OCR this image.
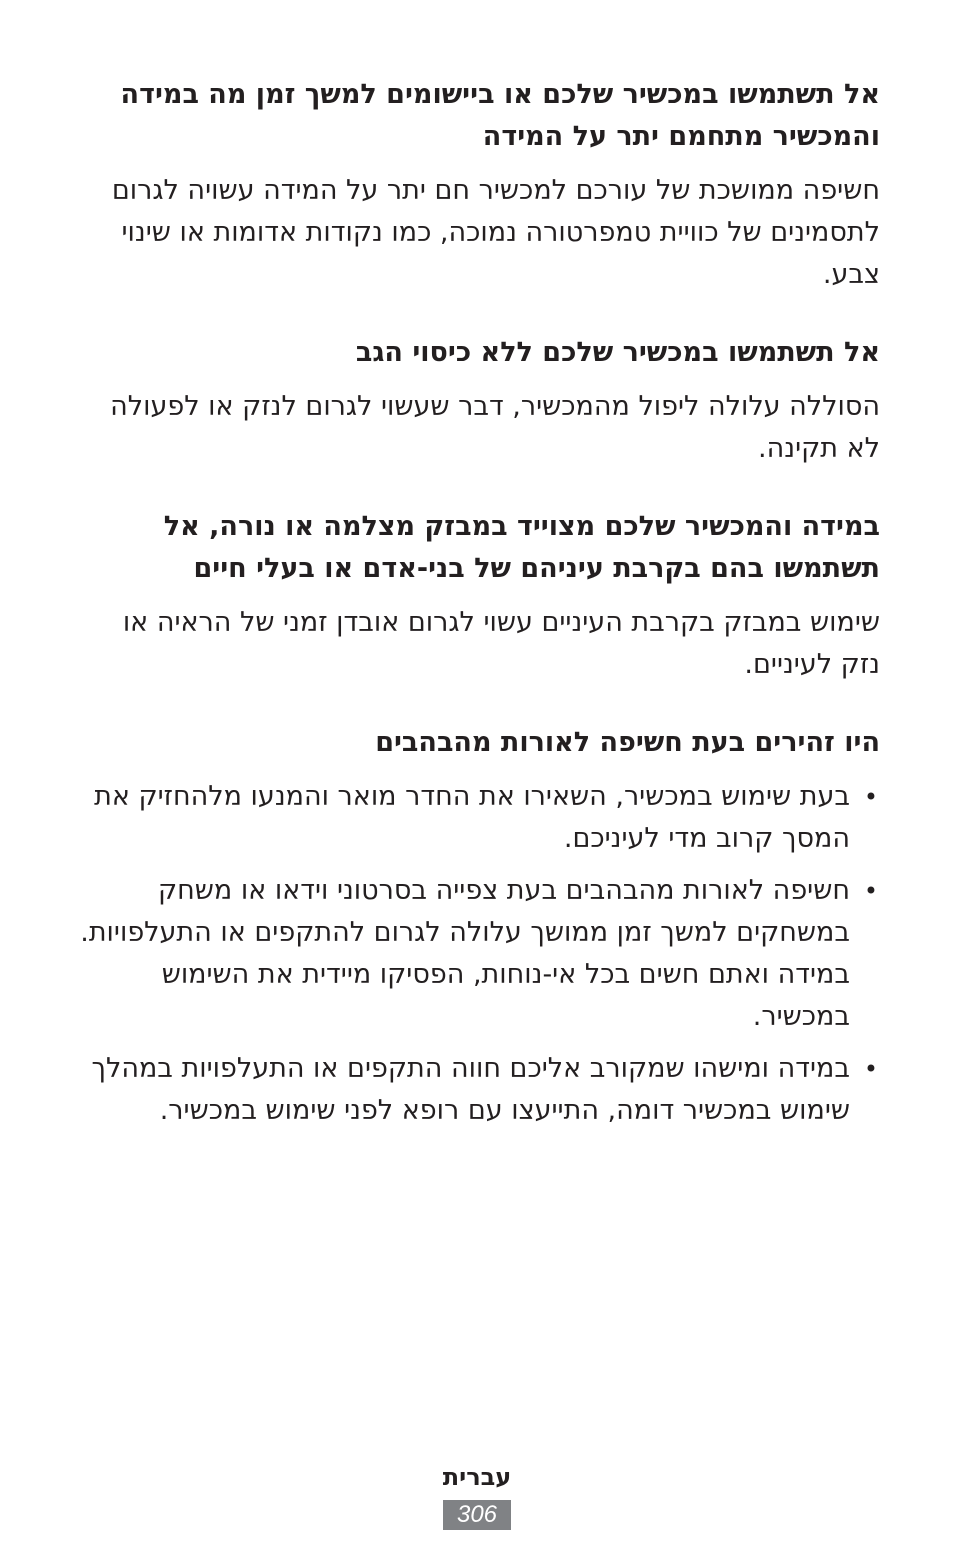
אל תשתמשו במכשיר שלכם או ביישומים למשך זמן מה במידה והמכשיר מתחמם יתר על המידה
חשיפה ממושכת של עורכם למכשיר חם יתר על המידה עשויה לגרום לתסמינים של כוויית טמפרטורה נמוכה, כמו נקודות אדומות או שינוי צבע.
אל תשתמשו במכשיר שלכם ללא כיסוי הגב
הסוללה עלולה ליפול מהמכשיר, דבר שעשוי לגרום לנזק או לפעולה לא תקינה.
במידה והמכשיר שלכם מצוייד במבזק מצלמה או נורה, אל תשתמשו בהם בקרבת עיניהם של בני-אדם או בעלי חיים
שימוש במבזק בקרבת העיניים עשוי לגרום אובדן זמני של הראיה או נזק לעיניים.
היו זהירים בעת חשיפה לאורות מהבהבים
•
בעת שימוש במכשיר, השאירו את החדר מואר והמנעו מלהחזיק את המסך קרוב מדי לעיניכם.
•
חשיפה לאורות מהבהבים בעת צפייה בסרטוני וידאו או משחק במשחקים למשך זמן ממושך עלולה לגרום להתקפים או התעלפויות. במידה ואתם חשים בכל אי-נוחות, הפסיקו מיידית את השימוש במכשיר.
•
במידה ומישהו שמקורב אליכם חווה התקפים או התעלפויות במהלך שימוש במכשיר דומה, התייעצו עם רופא לפני שימוש במכשיר.
עברית
306
